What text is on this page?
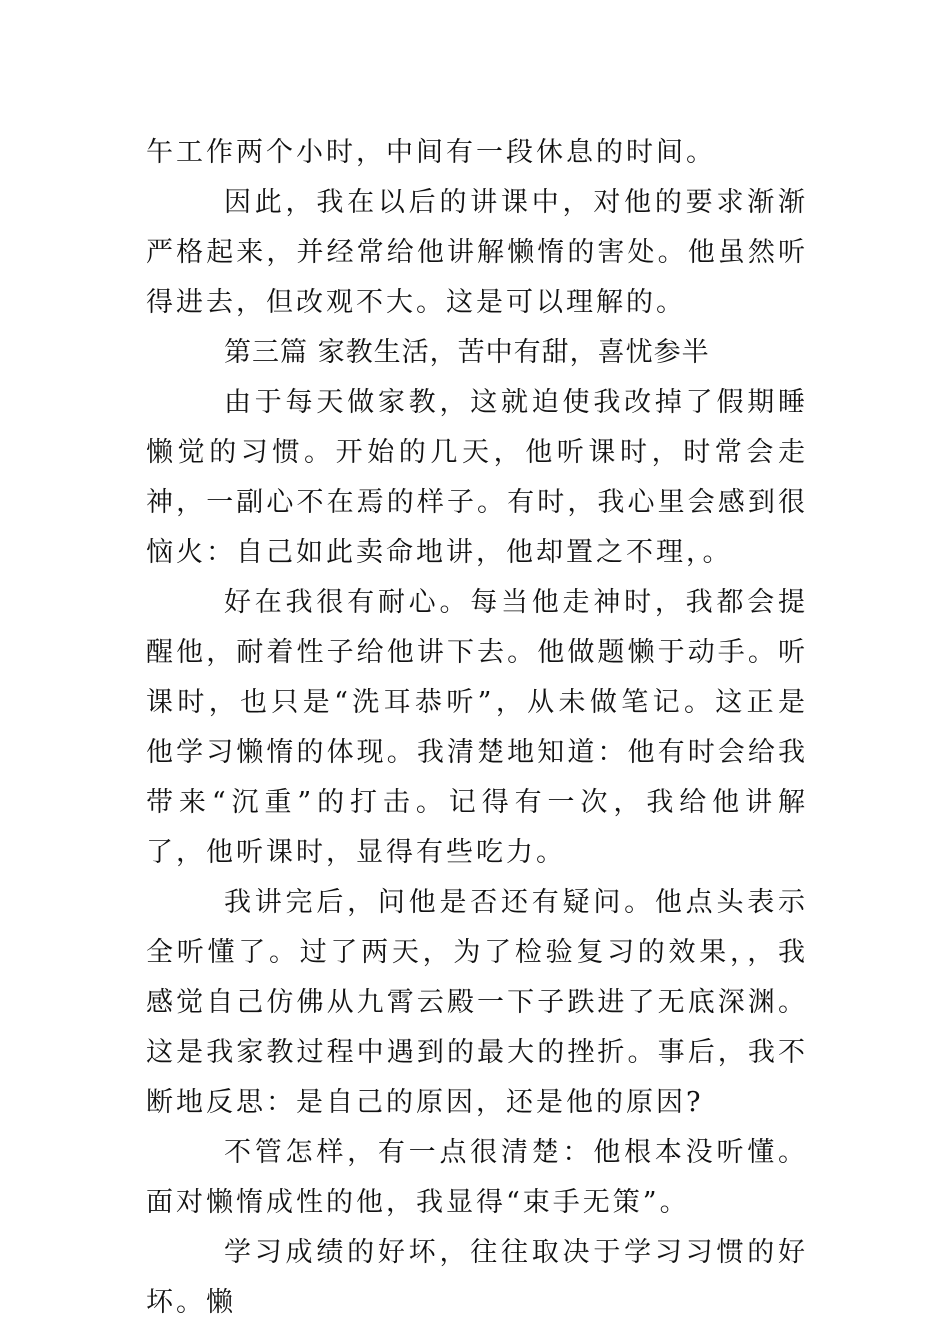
午工作两个小时，中间有一段休息的时间。

因此，我在以后的讲课中，对他的要求渐渐严格起来，并经常给他讲解懒惰的害处。他虽然听得进去，但改观不大。这是可以理解的。

第三篇 家教生活，苦中有甜，喜忧参半

由于每天做家教，这就迫使我改掉了假期睡懒觉的习惯。开始的几天，他听课时，时常会走神，一副心不在焉的样子。有时，我心里会感到很恼火：自己如此卖命地讲，他却置之不理，。

好在我很有耐心。每当他走神时，我都会提醒他，耐着性子给他讲下去。他做题懒于动手。听课时，也只是“洗耳恭听”，从未做笔记。这正是他学习懒惰的体现。我清楚地知道：他有时会给我带来“沉重”的打击。记得有一次，我给他讲解了，他听课时，显得有些吃力。

我讲完后，问他是否还有疑问。他点头表示全听懂了。过了两天，为了检验复习的效果，，我感觉自己仿佛从九霄云殿一下子跌进了无底深渊。这是我家教过程中遇到的最大的挫折。事后，我不断地反思：是自己的原因，还是他的原因?

不管怎样，有一点很清楚：他根本没听懂。面对懒惰成性的他，我显得“束手无策”。

学习成绩的好坏，往往取决于学习习惯的好坏。懒
